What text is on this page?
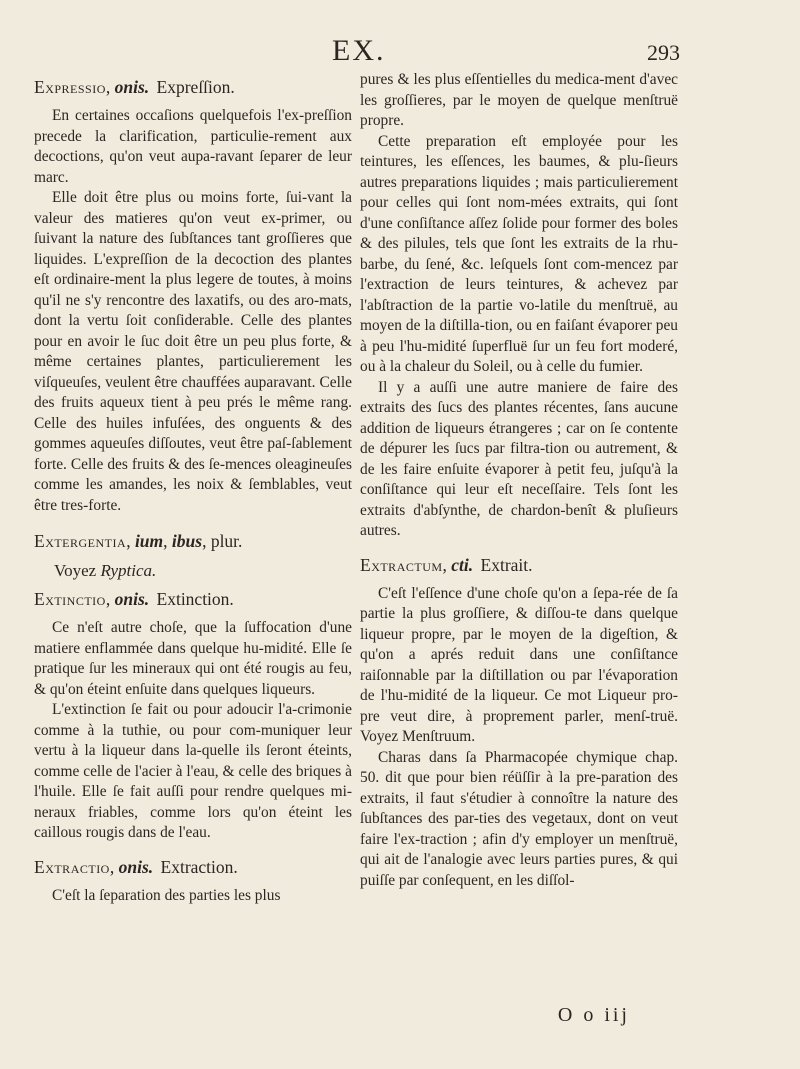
EX.	293
Expressio, onis. Expreſſion.

En certaines occaſions quelquefois l'ex-preſſion precede la clarification, particulie-rement aux decoctions, qu'on veut aupa-ravant ſeparer de leur marc.

Elle doit être plus ou moins forte, ſui-vant la valeur des matieres qu'on veut ex-primer, ou ſuivant la nature des ſubſtances tant groſſieres que liquides. L'expreſſion de la decoction des plantes eſt ordinaire-ment la plus legere de toutes, à moins qu'il ne s'y rencontre des laxatifs, ou des aro-mats, dont la vertu ſoit conſiderable. Celle des plantes pour en avoir le ſuc doit être un peu plus forte, & même certaines plantes, particulierement les viſqueuſes, veulent être chauffées auparavant. Celle des fruits aqueux tient à peu prés le même rang. Celle des huiles infuſées, des onguents & des gommes aqueuſes diſſoutes, veut être paſ-ſablement forte. Celle des fruits & des ſe-mences oleagineuſes comme les amandes, les noix & ſemblables, veut être tres-forte.

Extergentia, ium, ibus, plur.
Voyez Ryptica.
Extinctio, onis. Extinction.

Ce n'eſt autre choſe, que la ſuffocation d'une matiere enflammée dans quelque hu-midité. Elle ſe pratique ſur les mineraux qui ont été rougis au feu, & qu'on éteint enſuite dans quelques liqueurs.

L'extinction ſe fait ou pour adoucir l'a-crimonie comme à la tuthie, ou pour com-muniquer leur vertu à la liqueur dans la-quelle ils ſeront éteints, comme celle de l'acier à l'eau, & celle des briques à l'huile. Elle ſe fait auſſi pour rendre quelques mi-neraux friables, comme lors qu'on éteint les caillous rougis dans de l'eau.

Extractio, onis. Extraction.

C'eſt la ſeparation des parties les plus

pures & les plus eſſentielles du medica-ment d'avec les groſſieres, par le moyen de quelque menſtruë propre.

Cette preparation eſt employée pour les teintures, les eſſences, les baumes, & plu-ſieurs autres preparations liquides ; mais particulierement pour celles qui ſont nom-mées extraits, qui ſont d'une conſiſtance aſſez ſolide pour former des boles & des pilules, tels que ſont les extraits de la rhu-barbe, du ſené, &c. leſquels ſont com-mencez par l'extraction de leurs teintures, & achevez par l'abſtraction de la partie vo-latile du menſtruë, au moyen de la diſtilla-tion, ou en faiſant évaporer peu à peu l'hu-midité ſuperfluë ſur un feu fort moderé, ou à la chaleur du Soleil, ou à celle du fumier.

Il y a auſſi une autre maniere de faire des extraits des ſucs des plantes récentes, ſans aucune addition de liqueurs étrangeres ; car on ſe contente de dépurer les ſucs par filtra-tion ou autrement, & de les faire enſuite évaporer à petit feu, juſqu'à la conſiſtance qui leur eſt neceſſaire. Tels ſont les extraits d'abſynthe, de chardon-benît & pluſieurs autres.

Extractum, cti. Extrait.

C'eſt l'eſſence d'une choſe qu'on a ſepa-rée de ſa partie la plus groſſiere, & diſſou-te dans quelque liqueur propre, par le moyen de la digeſtion, & qu'on a aprés reduit dans une conſiſtance raiſonnable par la diſtillation ou par l'évaporation de l'hu-midité de la liqueur. Ce mot Liqueur pro-pre veut dire, à proprement parler, menſ-truë. Voyez Menſtruum.

Charas dans ſa Pharmacopée chymique chap. 50. dit que pour bien réüſſir à la pre-paration des extraits, il faut s'étudier à connoître la nature des ſubſtances des par-ties des vegetaux, dont on veut faire l'ex-traction ; afin d'y employer un menſtruë, qui ait de l'analogie avec leurs parties pures, & qui puiſſe par conſequent, en les diſſol-

O o iij
